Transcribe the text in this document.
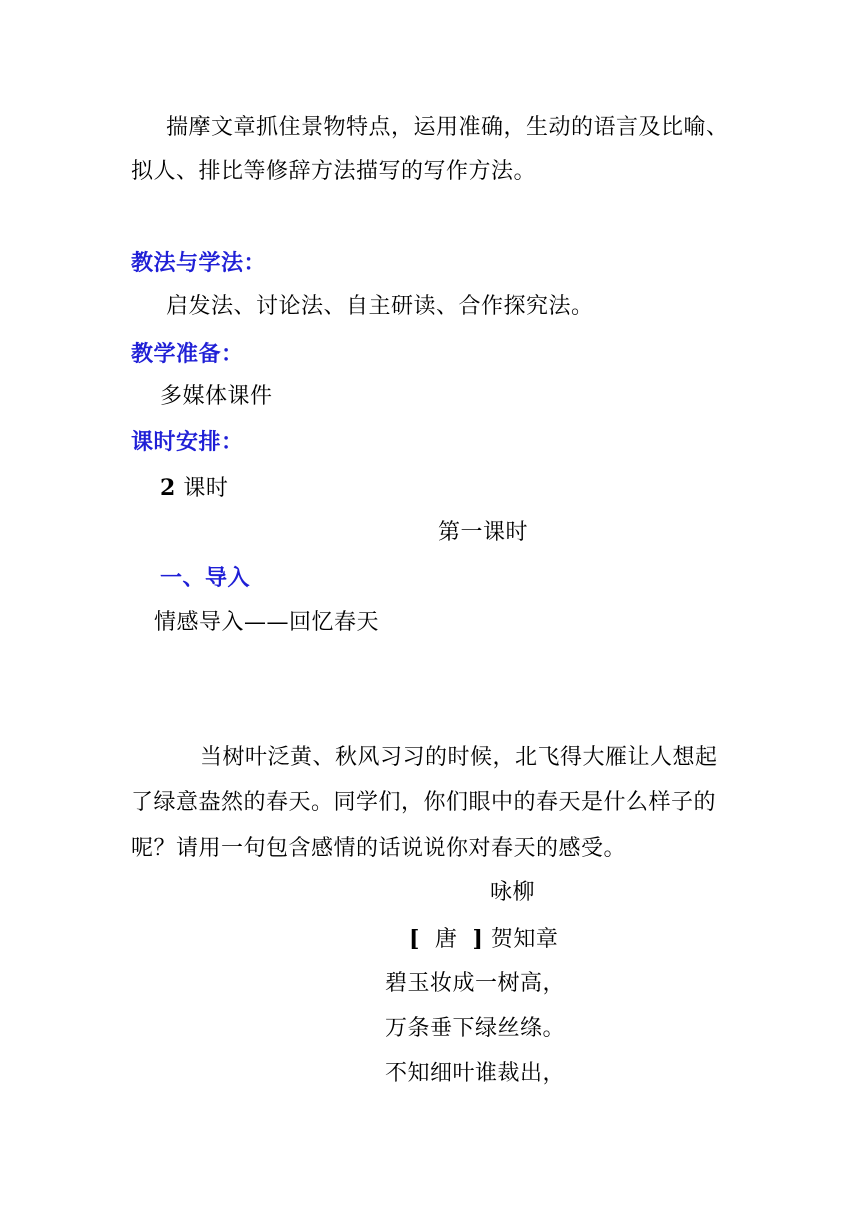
揣摩文章抓住景物特点，运用准确，生动的语言及比喻、
拟人、排比等修辞方法描写的写作方法。
教法与学法：
启发法、讨论法、自主研读、合作探究法。
教学准备：
多媒体课件
课时安排：
2 课时
第一课时
一、导入
情感导入——回忆春天
当树叶泛黄、秋风习习的时候，北飞得大雁让人想起
了绿意盎然的春天。同学们，你们眼中的春天是什么样子的
呢？请用一句包含感情的话说说你对春天的感受。
咏柳
[ 唐 ] 贺知章
碧玉妆成一树高，
万条垂下绿丝绦。
不知细叶谁裁出，
